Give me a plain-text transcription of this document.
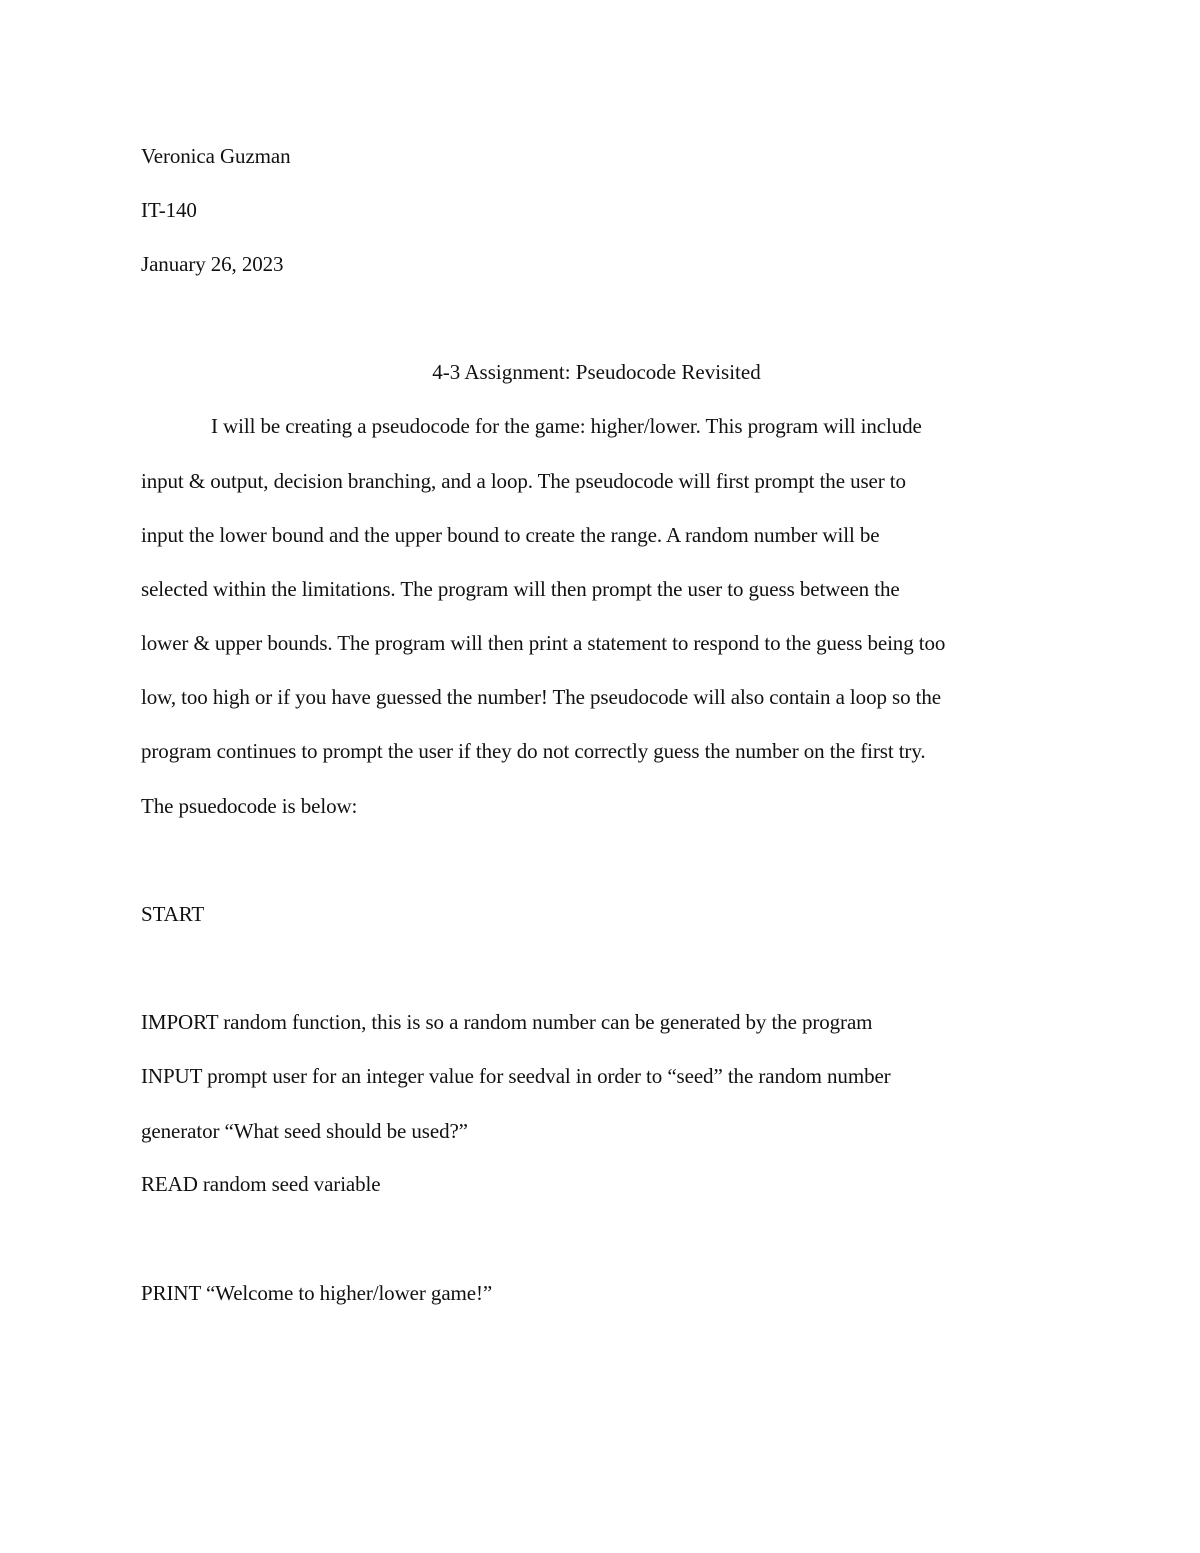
Veronica Guzman
IT-140
January 26, 2023
4-3 Assignment: Pseudocode Revisited
I will be creating a pseudocode for the game: higher/lower. This program will include
input & output, decision branching, and a loop. The pseudocode will first prompt the user to
input the lower bound and the upper bound to create the range. A random number will be
selected within the limitations. The program will then prompt the user to guess between the
lower & upper bounds. The program will then print a statement to respond to the guess being too
low, too high or if you have guessed the number! The pseudocode will also contain a loop so the
program continues to prompt the user if they do not correctly guess the number on the first try.
The psuedocode is below:
START
IMPORT random function, this is so a random number can be generated by the program
INPUT prompt user for an integer value for seedval in order to “seed” the random number
generator “What seed should be used?”
READ random seed variable
PRINT “Welcome to higher/lower game!”
